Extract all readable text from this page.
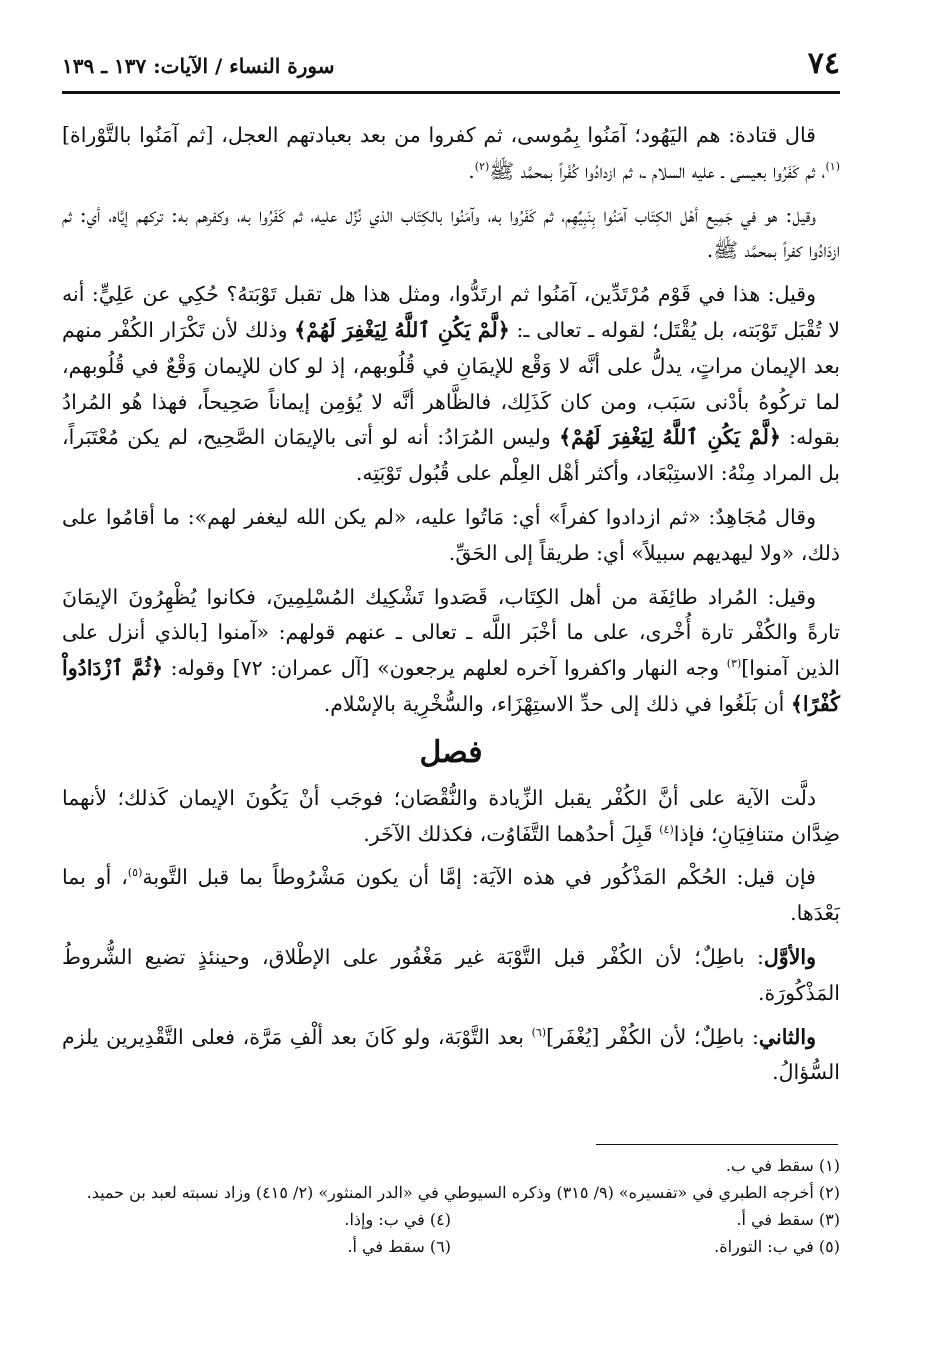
٧٤
سورة النساء / الآيات: ١٣٧ ـ ١٣٩

قال قتادة: هم اليَهُود؛ آمَنُوا بِمُوسى، ثم كفروا من بعد بعبادتهم العجل، [ثم آمَنُوا بالتَّوْراة]$^{(١)}$، ثم كَفَرُوا بعيسى ـ عليه السلام ـ، ثم ازدادُوا كُفْراً بمحمَّد ﷺ$^{(٢)}$.

وقيل: هو في جَمِيع أهْل الكِتَاب آمَنُوا بِنَبِيِّهِم، ثم كَفَرُوا به، وآمَنُوا بالكِتَاب الذي نُزِّل عليه، ثم كَفَرُوا به، وكفرهم به: تركهم إيَّاه، أي: ثم ازدَادُوا كفراً بمحمَّد ﷺ.

وقيل: هذا في قَوْم مُرْتَدِّين، آمَنُوا ثم ارتَدُّوا، ومثل هذا هل تقبل تَوْبَتهُ؟ حُكِي عن عَلِيٍّ: أنه لا تُقْبَل تَوْبَته، بل يُقْتَل؛ لقوله ـ تعالى ـ: ﴿لَّمْ يَكُنِ ٱللَّهُ لِيَغْفِرَ لَهُمْ﴾ وذلك لأن تَكْرَار الكُفْر منهم بعد الإيمان مراتٍ، يدلُّ على أنَّه لا وَقْع للإيمَانِ في قُلُوبهم، إذ لو كان للإيمان وَقْعٌ في قُلُوبهم، لما تركُوهُ بأدْنى سَبَب، ومن كان كَذَلِك، فالظَّاهر أنَّه لا يُؤمِن إيماناً صَحِيحاً، فهذا هُو المُرادُ بقوله: ﴿لَّمْ يَكُنِ ٱللَّهُ لِيَغْفِرَ لَهُمْ﴾ وليس المُرَادُ: أنه لو أتى بالإيمَان الصَّحِيح، لم يكن مُعْتَبَراً، بل المراد مِنْهُ: الاستِبْعَاد، وأكثر أهْل العِلْم على قُبُول تَوْبَتِه.

وقال مُجَاهِدٌ: «ثم ازدادوا كفراً» أي: مَاتُوا عليه، «لم يكن الله ليغفر لهم»: ما أقامُوا على ذلك، «ولا ليهديهم سبيلاً» أي: طريقاً إلى الحَقِّ.

وقيل: المُراد طائِفَة من أهل الكِتَاب، قَصَدوا تَشْكِيك المُسْلِمِينَ، فكانوا يُظْهِرُونَ الإيمَانَ تارةً والكُفْر تارة أُخْرى، على ما أخْبَر اللَّه ـ تعالى ـ عنهم قولهم: «آمنوا [بالذي أنزل على الذين آمنوا]$^{(٣)}$ وجه النهار واكفروا آخره لعلهم يرجعون» [آل عمران: ٧٢] وقوله: ﴿ثُمَّ ٱزْدَادُواْ كُفْرًا﴾ أن بَلَغُوا في ذلك إلى حدِّ الاستِهْزَاء، والسُّخْرِية بالإسْلام.

فصل

دلَّت الآية على أنَّ الكُفْر يقبل الزِّيادة والنُّقْصَان؛ فوجَب أنْ يَكُونَ الإيمان كَذلك؛ لأنهما ضِدَّان متنافِيَانِ؛ فإذا$^{(٤)}$ قَبِلَ أحدُهما التَّفَاوُت، فكذلك الآخَر.

فإن قيل: الحُكْم المَذْكُور في هذه الآيَة: إمَّا أن يكون مَشْرُوطاً بما قبل التَّوبة$^{(٥)}$، أو بما بَعْدَها.

والأوَّل: باطِلٌ؛ لأن الكُفْر قبل التَّوْبَة غير مَغْفُور على الإطْلاق، وحينئذٍ تضيع الشُّروطُ المَذْكُورَة.

والثاني: باطِلٌ؛ لأن الكُفْر [يُغْفَر]$^{(٦)}$ بعد التَّوْبَة، ولو كَانَ بعد ألْفِ مَرَّة، فعلى التَّقْدِيرين يلزم السُّؤالُ.

(١) سقط في ب.

(٢) أخرجه الطبري في «تفسيره» (٩/ ٣١٥) وذكره السيوطي في «الدر المنثور» (٢/ ٤١٥) وزاد نسبته لعبد بن حميد.

(٣) سقط في أ.

(٤) في ب: وإذا.

(٥) في ب: التوراة.

(٦) سقط في أ.
